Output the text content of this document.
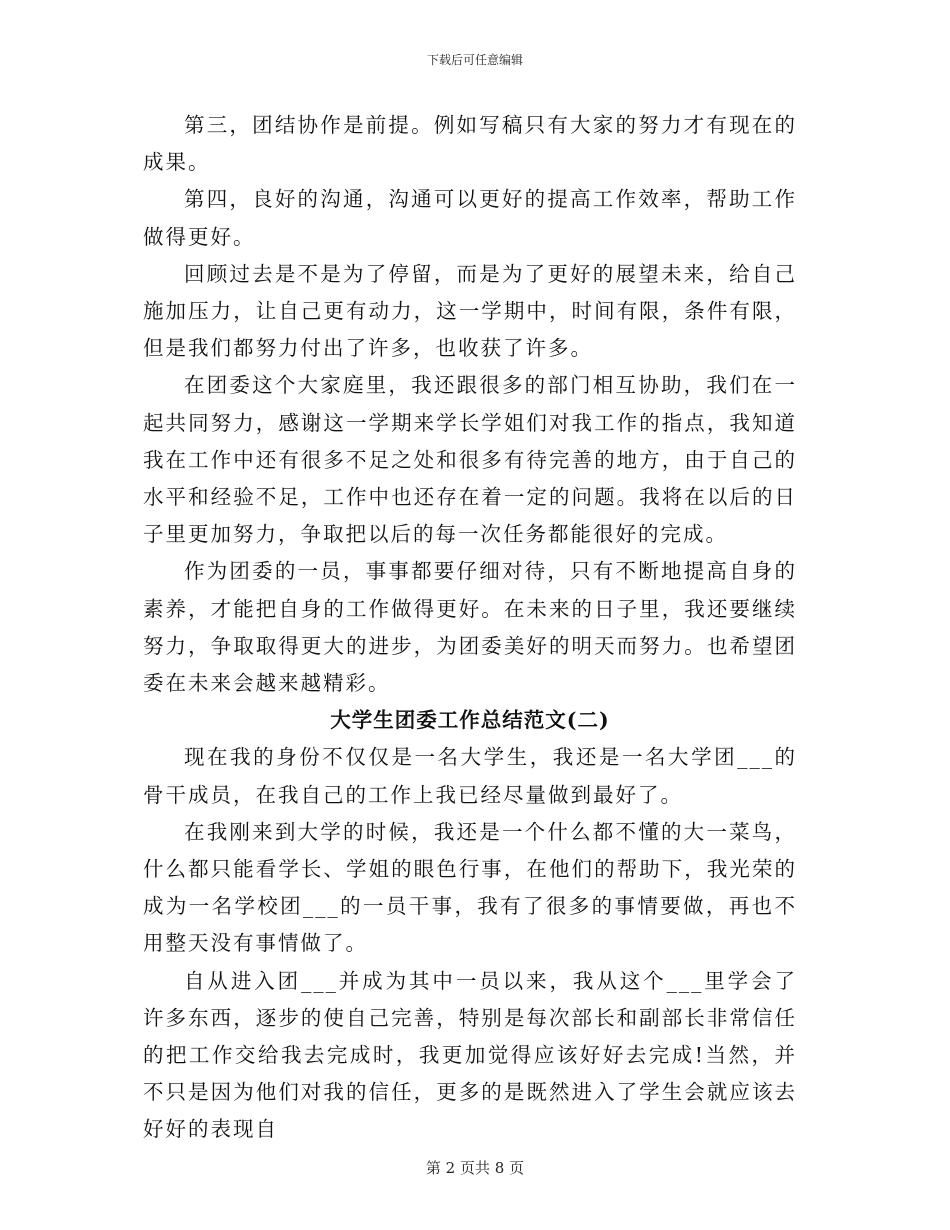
下载后可任意编辑

第三，团结协作是前提。例如写稿只有大家的努力才有现在的成果。

第四，良好的沟通，沟通可以更好的提高工作效率，帮助工作做得更好。

回顾过去是不是为了停留，而是为了更好的展望未来，给自己施加压力，让自己更有动力，这一学期中，时间有限，条件有限，但是我们都努力付出了许多，也收获了许多。

在团委这个大家庭里，我还跟很多的部门相互协助，我们在一起共同努力，感谢这一学期来学长学姐们对我工作的指点，我知道我在工作中还有很多不足之处和很多有待完善的地方，由于自己的水平和经验不足，工作中也还存在着一定的问题。我将在以后的日子里更加努力，争取把以后的每一次任务都能很好的完成。

作为团委的一员，事事都要仔细对待，只有不断地提高自身的素养，才能把自身的工作做得更好。在未来的日子里，我还要继续努力，争取取得更大的进步，为团委美好的明天而努力。也希望团委在未来会越来越精彩。

大学生团委工作总结范文(二)

现在我的身份不仅仅是一名大学生，我还是一名大学团___的骨干成员，在我自己的工作上我已经尽量做到最好了。

在我刚来到大学的时候，我还是一个什么都不懂的大一菜鸟，什么都只能看学长、学姐的眼色行事，在他们的帮助下，我光荣的成为一名学校团___的一员干事，我有了很多的事情要做，再也不用整天没有事情做了。

自从进入团___并成为其中一员以来，我从这个___里学会了许多东西，逐步的使自己完善，特别是每次部长和副部长非常信任的把工作交给我去完成时，我更加觉得应该好好去完成!当然，并不只是因为他们对我的信任，更多的是既然进入了学生会就应该去好好的表现自

第 2 页共 8 页
